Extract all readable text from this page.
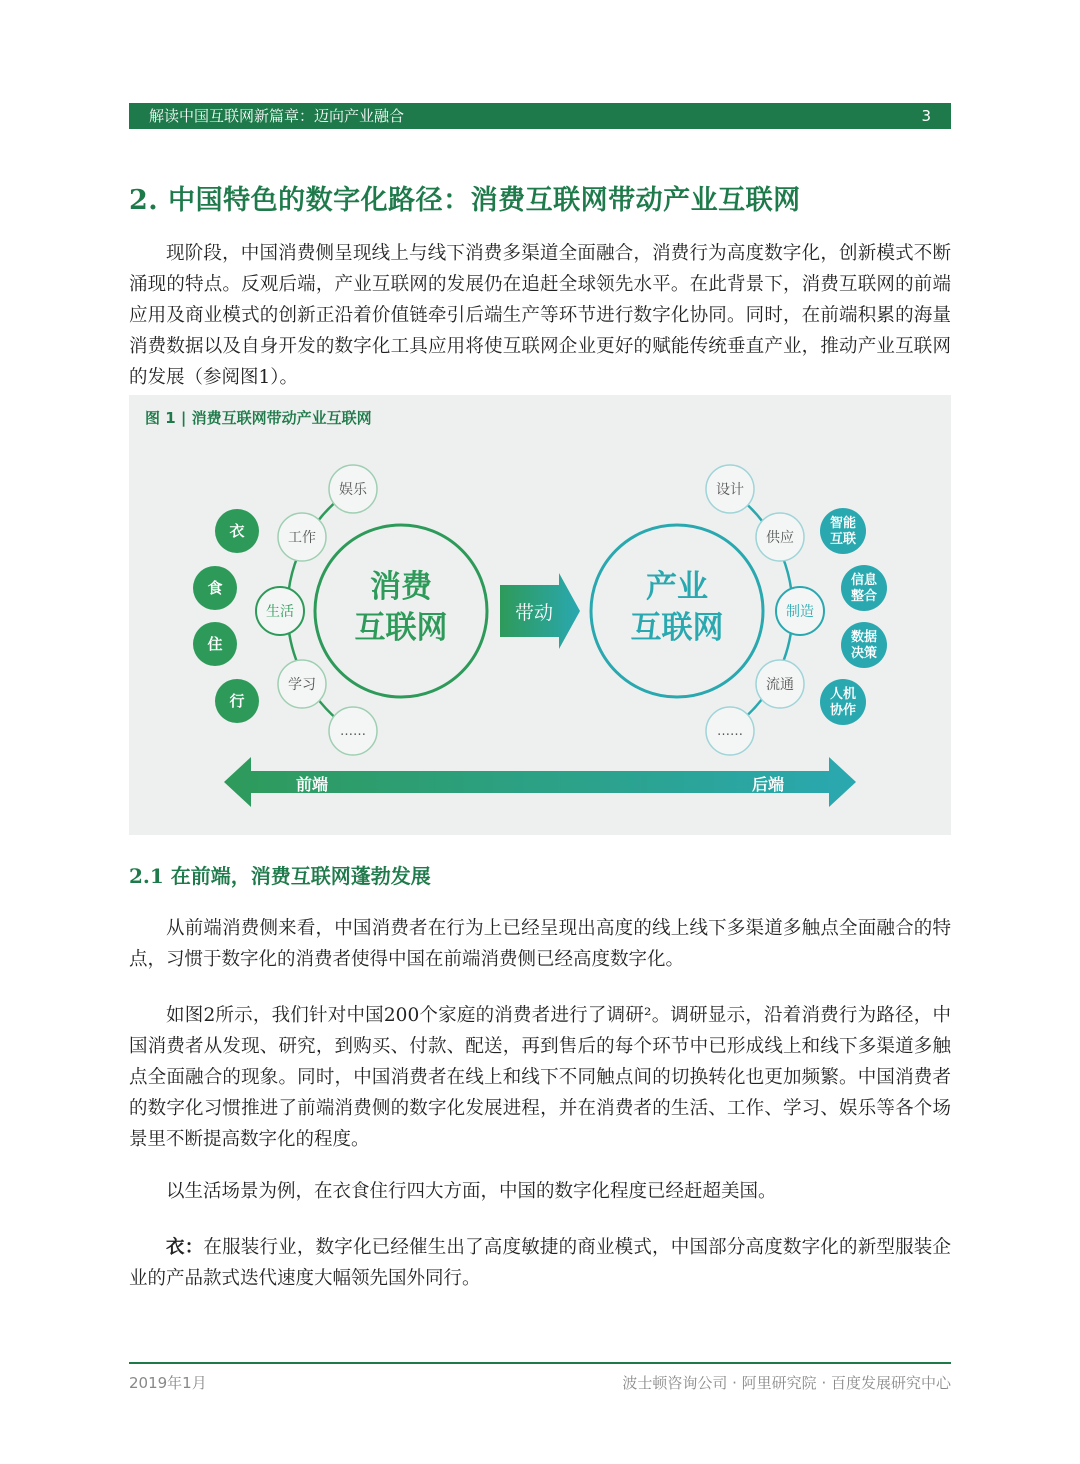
解读中国互联网新篇章：迈向产业融合	3
2. 中国特色的数字化路径：消费互联网带动产业互联网

现阶段，中国消费侧呈现线上与线下消费多渠道全面融合，消费行为高度数字化，创新模式不断涌现的特点。反观后端，产业互联网的发展仍在追赶全球领先水平。在此背景下，消费互联网的前端应用及商业模式的创新正沿着价值链牵引后端生产等环节进行数字化协同。同时，在前端积累的海量消费数据以及自身开发的数字化工具应用将使互联网企业更好的赋能传统垂直产业，推动产业互联网的发展（参阅图1）。

图 1 | 消费互联网带动产业互联网
消费
互联网
产业
互联网
带动
娱乐
工作
生活
学习
……
衣
食
住
行
设计
供应
制造
流通
……
智能
互联
信息
整合
数据
决策
人机
协作
前端	后端
2.1 在前端，消费互联网蓬勃发展

从前端消费侧来看，中国消费者在行为上已经呈现出高度的线上线下多渠道多触点全面融合的特点，习惯于数字化的消费者使得中国在前端消费侧已经高度数字化。

如图2所示，我们针对中国200个家庭的消费者进行了调研²。调研显示，沿着消费行为路径，中国消费者从发现、研究，到购买、付款、配送，再到售后的每个环节中已形成线上和线下多渠道多触点全面融合的现象。同时，中国消费者在线上和线下不同触点间的切换转化也更加频繁。中国消费者的数字化习惯推进了前端消费侧的数字化发展进程，并在消费者的生活、工作、学习、娱乐等各个场景里不断提高数字化的程度。

以生活场景为例，在衣食住行四大方面，中国的数字化程度已经赶超美国。

衣：在服装行业，数字化已经催生出了高度敏捷的商业模式，中国部分高度数字化的新型服装企业的产品款式迭代速度大幅领先国外同行。

2019年1月	波士顿咨询公司 · 阿里研究院 · 百度发展研究中心
